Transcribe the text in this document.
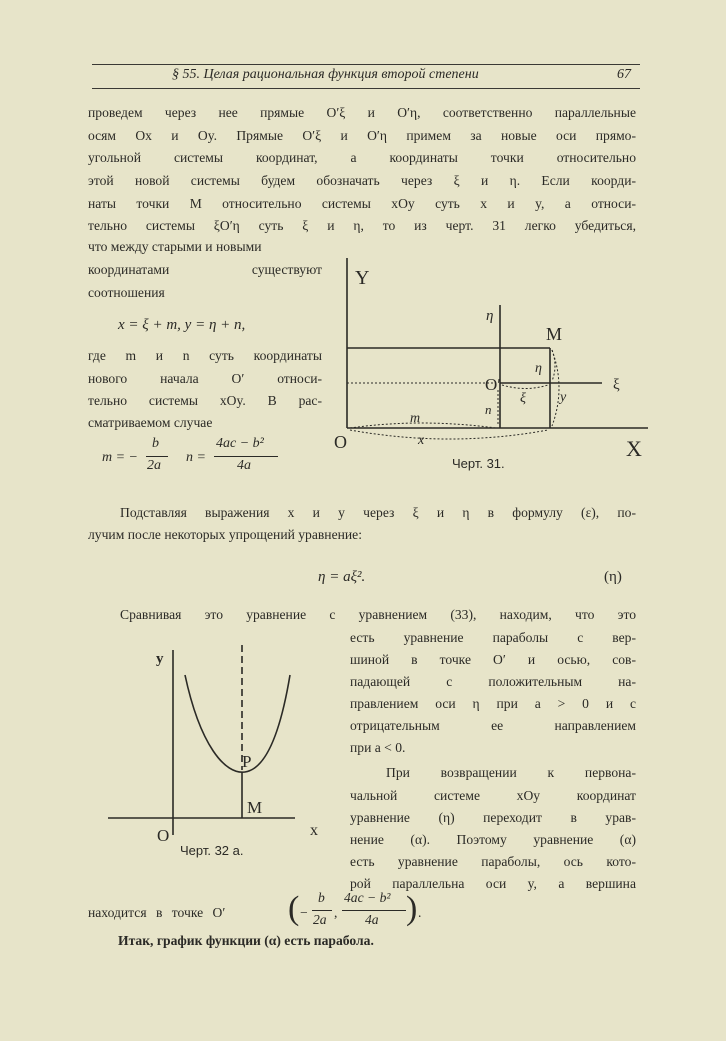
§ 55. Целая рациональная функция второй степени	67
проведем через нее прямые O′ξ и O′η, соответственно параллельные
осям Ox и Oy. Прямые O′ξ и O′η примем за новые оси прямо-
угольной системы координат, а координаты точки относительно
этой новой системы будем обозначать через ξ и η. Если коорди-
наты точки M относительно системы xOy суть x и y, а относи-
тельно системы ξO′η суть ξ и η, то из черт. 31 легко убедиться,
что между старыми и новыми
координатами существуют
соотношения
x = ξ + m, y = η + n,
где m и n суть координаты
нового начала O′ относи-
тельно системы xOy. В рас-
сматриваемом случае
m = −
b
2a
n =
4ac − b²
4a
Y
X
O
O′
M
η
ξ
η
ξ y
n
m
x
Черт. 31.
Подставляя выражения x и y через ξ и η в формулу (ε), по-
лучим после некоторых упрощений уравнение:
η = aξ².	(η)
Сравнивая это уравнение с уравнением (33), находим, что это
есть уравнение параболы с вер-
шиной в точке O′ и осью, сов-
падающей с положительным на-
правлением оси η при a > 0 и с
отрицательным ее направлением
при a < 0.
При возвращении к первона-
чальной системе xOy координат
уравнение (η) переходит в урав-
нение (α). Поэтому уравнение (α)
есть уравнение параболы, ось кото-
рой параллельна оси y, а вершина
y
x
O
P
M
Черт. 32 а.
находится в точке O′ ( −
b
2a ,
4ac − b²
4a ) .
Итак, график функции (α) есть парабола.
